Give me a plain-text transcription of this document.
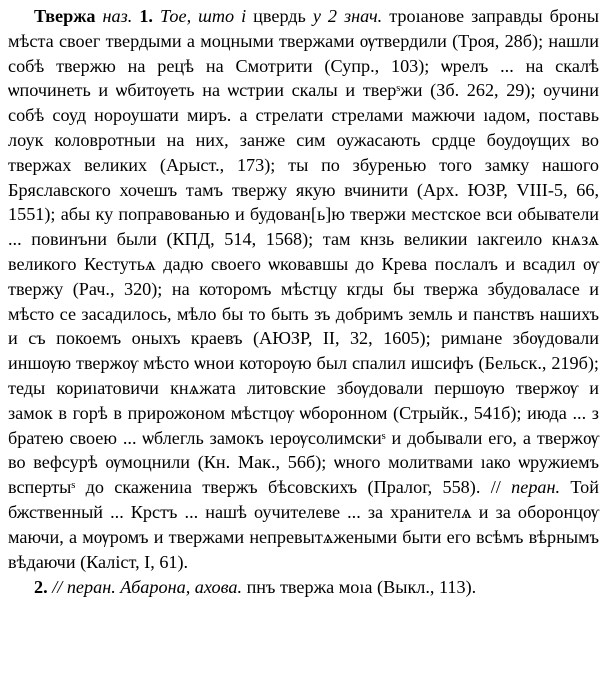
Твержа наз. 1. Тое, што і цвердь у 2 знач. троıанове заправды броны мѣста своег твердыми а моцными твержами ѹтвердили (Троя, 28б); нашли собѣ твержю на рецѣ на Смотрити (Супр., 103); ѡрелъ ... на скалѣ ѡпочинеть и ѡбитѹеть на ѡстрии скалы и тверˢжи (Зб. 262, 29); оучини собѣ соуд нороушати миръ. а стрелати стрелами мажючи ıадом, поставь лоук коловротныи на них, занже сим оужасають срдце боудѹщих во твержах великих (Арыст., 173); ты по збуренью того замку нашого Бряславского хочешъ тамъ твержу якую вчинити (Арх. ЮЗР, VIII-5, 66, 1551); абы ку поправованью и будован[ь]ю твержи местское вси обыватели ... повинъни были (КПД, 514, 1568); там кнзь великии ıакгеило кнѧзѧ великого Кестутьѧ дадю своего ѡковавшы до Крева послалъ и всадил ѹ твержу (Рач., 320); на которомъ мѣстцу кгды бы твержа збудоваласе и мѣсто се засадилось, мѣло бы то быть зъ добримъ земль и панствъ нашихъ и съ покоемъ оныхъ краевъ (АЮЗР, II, 32, 1605); римıане збѹдовали иншѹю твержѹ мѣсто ѡнои которѹю был спалил ишсифъ (Бельск., 219б); теды кориıатовичи кнѧжата литовские збѹдовали першѹю твержѹ и замок в горѣ в прирожоном мѣстцѹ ѡборонном (Стрыйк., 541б); июда ... з братею своею ... ѡблегль замокъ ıерѹсолимскиˢ и добывали его, а твержѹ во вефсурѣ ѹмоцнили (Кн. Мак., 56б); ѡного молитвами ıако ѡружиемъ вспертыˢ до скажениıа твержъ бѣсовскихъ (Пралог, 558). // перан. Той бжственный ... Крстъ ... нашѣ оучителеве ... за хранителѧ и за оборонцѹ маючи, а мѹромъ и твержами непревытѧжеными быти его всѣмъ вѣрнымъ вѣдаючи (Каліст, I, 61).

2. // перан. Абарона, ахова. пнъ твержа моıа (Выкл., 113).
